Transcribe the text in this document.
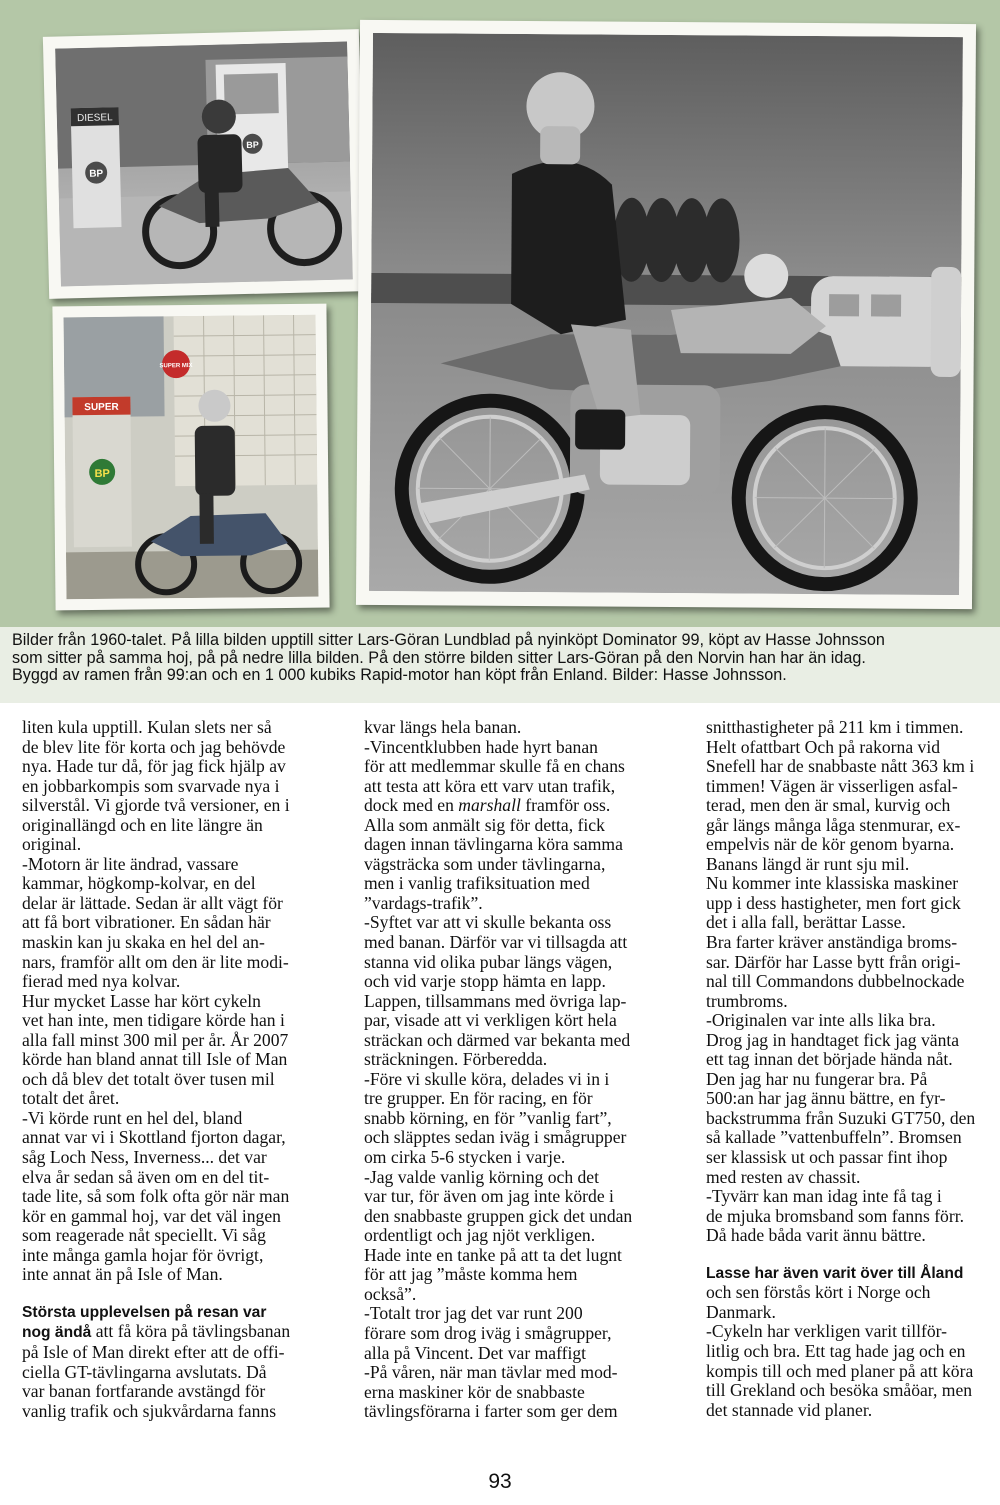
DIESEL
BP
BP
SUPER
BP
SUPER MIX

Bilder från 1960-talet. På lilla bilden upptill sitter Lars-Göran Lundblad på nyinköpt Dominator 99, köpt av Hasse Johnsson

som sitter på samma hoj, på på nedre lilla bilden. På den större bilden sitter Lars-Göran på den Norvin han har än idag.

Byggd av ramen från 99:an och en 1 000 kubiks Rapid-motor han köpt från Enland. Bilder: Hasse Johnsson.

liten kula upptill. Kulan slets ner så

de blev lite för korta och jag behövde

nya. Hade tur då, för jag fick hjälp av

en jobbarkompis som svarvade nya i

silverstål. Vi gjorde två versioner, en i

originallängd och en lite längre än

original.

-Motorn är lite ändrad, vassare

kammar, högkomp-kolvar, en del

delar är lättade. Sedan är allt vägt för

att få bort vibrationer. En sådan här

maskin kan ju skaka en hel del an-

nars, framför allt om den är lite modi-

fierad med nya kolvar.

Hur mycket Lasse har kört cykeln

vet han inte, men tidigare körde han i

alla fall minst 300 mil per år. År 2007

körde han bland annat till Isle of Man

och då blev det totalt över tusen mil

totalt det året.

-Vi körde runt en hel del, bland

annat var vi i Skottland fjorton dagar,

såg Loch Ness, Inverness... det var

elva år sedan så även om en del tit-

tade lite, så som folk ofta gör när man

kör en gammal hoj, var det väl ingen

som reagerade nåt speciellt. Vi såg

inte många gamla hojar för övrigt,

inte annat än på Isle of Man.

Största upplevelsen på resan var

nog ändå att få köra på tävlingsbanan

på Isle of Man direkt efter att de offi-

ciella GT-tävlingarna avslutats. Då

var banan fortfarande avstängd för

vanlig trafik och sjukvårdarna fanns

kvar längs hela banan.

-Vincentklubben hade hyrt banan

för att medlemmar skulle få en chans

att testa att köra ett varv utan trafik,

dock med en marshall framför oss.

Alla som anmält sig för detta, fick

dagen innan tävlingarna köra samma

vägsträcka som under tävlingarna,

men i vanlig trafiksituation med

”vardags-trafik”.

-Syftet var att vi skulle bekanta oss

med banan. Därför var vi tillsagda att

stanna vid olika pubar längs vägen,

och vid varje stopp hämta en lapp.

Lappen, tillsammans med övriga lap-

par, visade att vi verkligen kört hela

sträckan och därmed var bekanta med

sträckningen. Förberedda.

-Före vi skulle köra, delades vi in i

tre grupper. En för racing, en för

snabb körning, en för ”vanlig fart”,

och släpptes sedan iväg i smågrupper

om cirka 5-6 stycken i varje.

-Jag valde vanlig körning och det

var tur, för även om jag inte körde i

den snabbaste gruppen gick det undan

ordentligt och jag njöt verkligen.

Hade inte en tanke på att ta det lugnt

för att jag ”måste komma hem

också”.

-Totalt tror jag det var runt 200

förare som drog iväg i smågrupper,

alla på Vincent. Det var maffigt

-På våren, när man tävlar med mod-

erna maskiner kör de snabbaste

tävlingsförarna i farter som ger dem

snitthastigheter på 211 km i timmen.

Helt ofattbart Och på rakorna vid

Snefell har de snabbaste nått 363 km i

timmen! Vägen är visserligen asfal-

terad, men den är smal, kurvig och

går längs många låga stenmurar, ex-

empelvis när de kör genom byarna.

Banans längd är runt sju mil.

Nu kommer inte klassiska maskiner

upp i dess hastigheter, men fort gick

det i alla fall, berättar Lasse.

Bra farter kräver anständiga broms-

sar. Därför har Lasse bytt från origi-

nal till Commandons dubbelnockade

trumbroms.

-Originalen var inte alls lika bra.

Drog jag in handtaget fick jag vänta

ett tag innan det började hända nåt.

Den jag har nu fungerar bra. På

500:an har jag ännu bättre, en fyr-

backstrumma från Suzuki GT750, den

så kallade ”vattenbuffeln”. Bromsen

ser klassisk ut och passar fint ihop

med resten av chassit.

-Tyvärr kan man idag inte få tag i

de mjuka bromsband som fanns förr.

Då hade båda varit ännu bättre.

Lasse har även varit över till Åland

och sen förstås kört i Norge och

Danmark.

-Cykeln har verkligen varit tillför-

litlig och bra. Ett tag hade jag och en

kompis till och med planer på att köra

till Grekland och besöka småöar, men

det stannade vid planer.

93
